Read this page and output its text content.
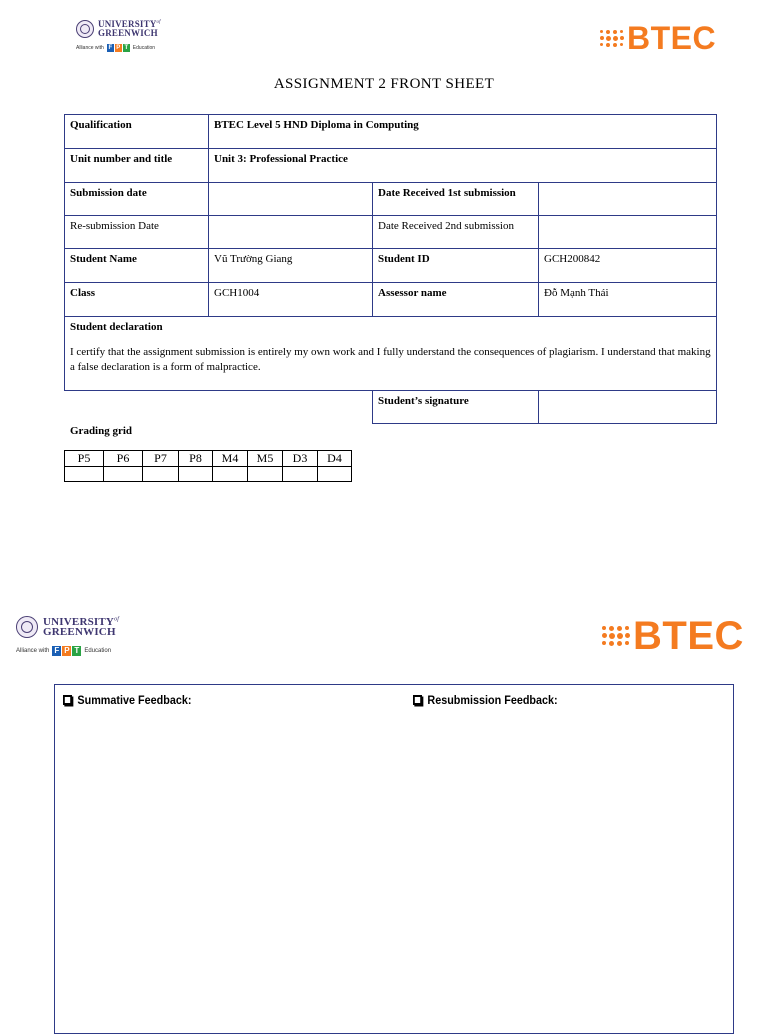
$UNIVERSITY^{of}$
GREENWICH
Alliance with F P T Education	BTEC
ASSIGNMENT 2 FRONT SHEET
Qualification	BTEC Level 5 HND Diploma in Computing		
Unit number and title	Unit 3: Professional Practice		
Submission date		Date Received 1st submission	
Re-submission Date		Date Received 2nd submission	
Student Name	Vũ Trường Giang	Student ID	GCH200842
Class	GCH1004	Assessor name	Đỗ Mạnh Thái

Student declaration
I certify that the assignment submission is entirely my own work and I fully understand the consequences of plagiarism. I understand that making a false declaration is a form of malpractice.			

		Student’s signature	
Grading grid
P5	P6	P7	P8	M4	M5	D3	D4

$UNIVERSITY^{of}$
GREENWICH
Alliance with F P T Education	BTEC
Summative Feedback:	Resubmission Feedback:
